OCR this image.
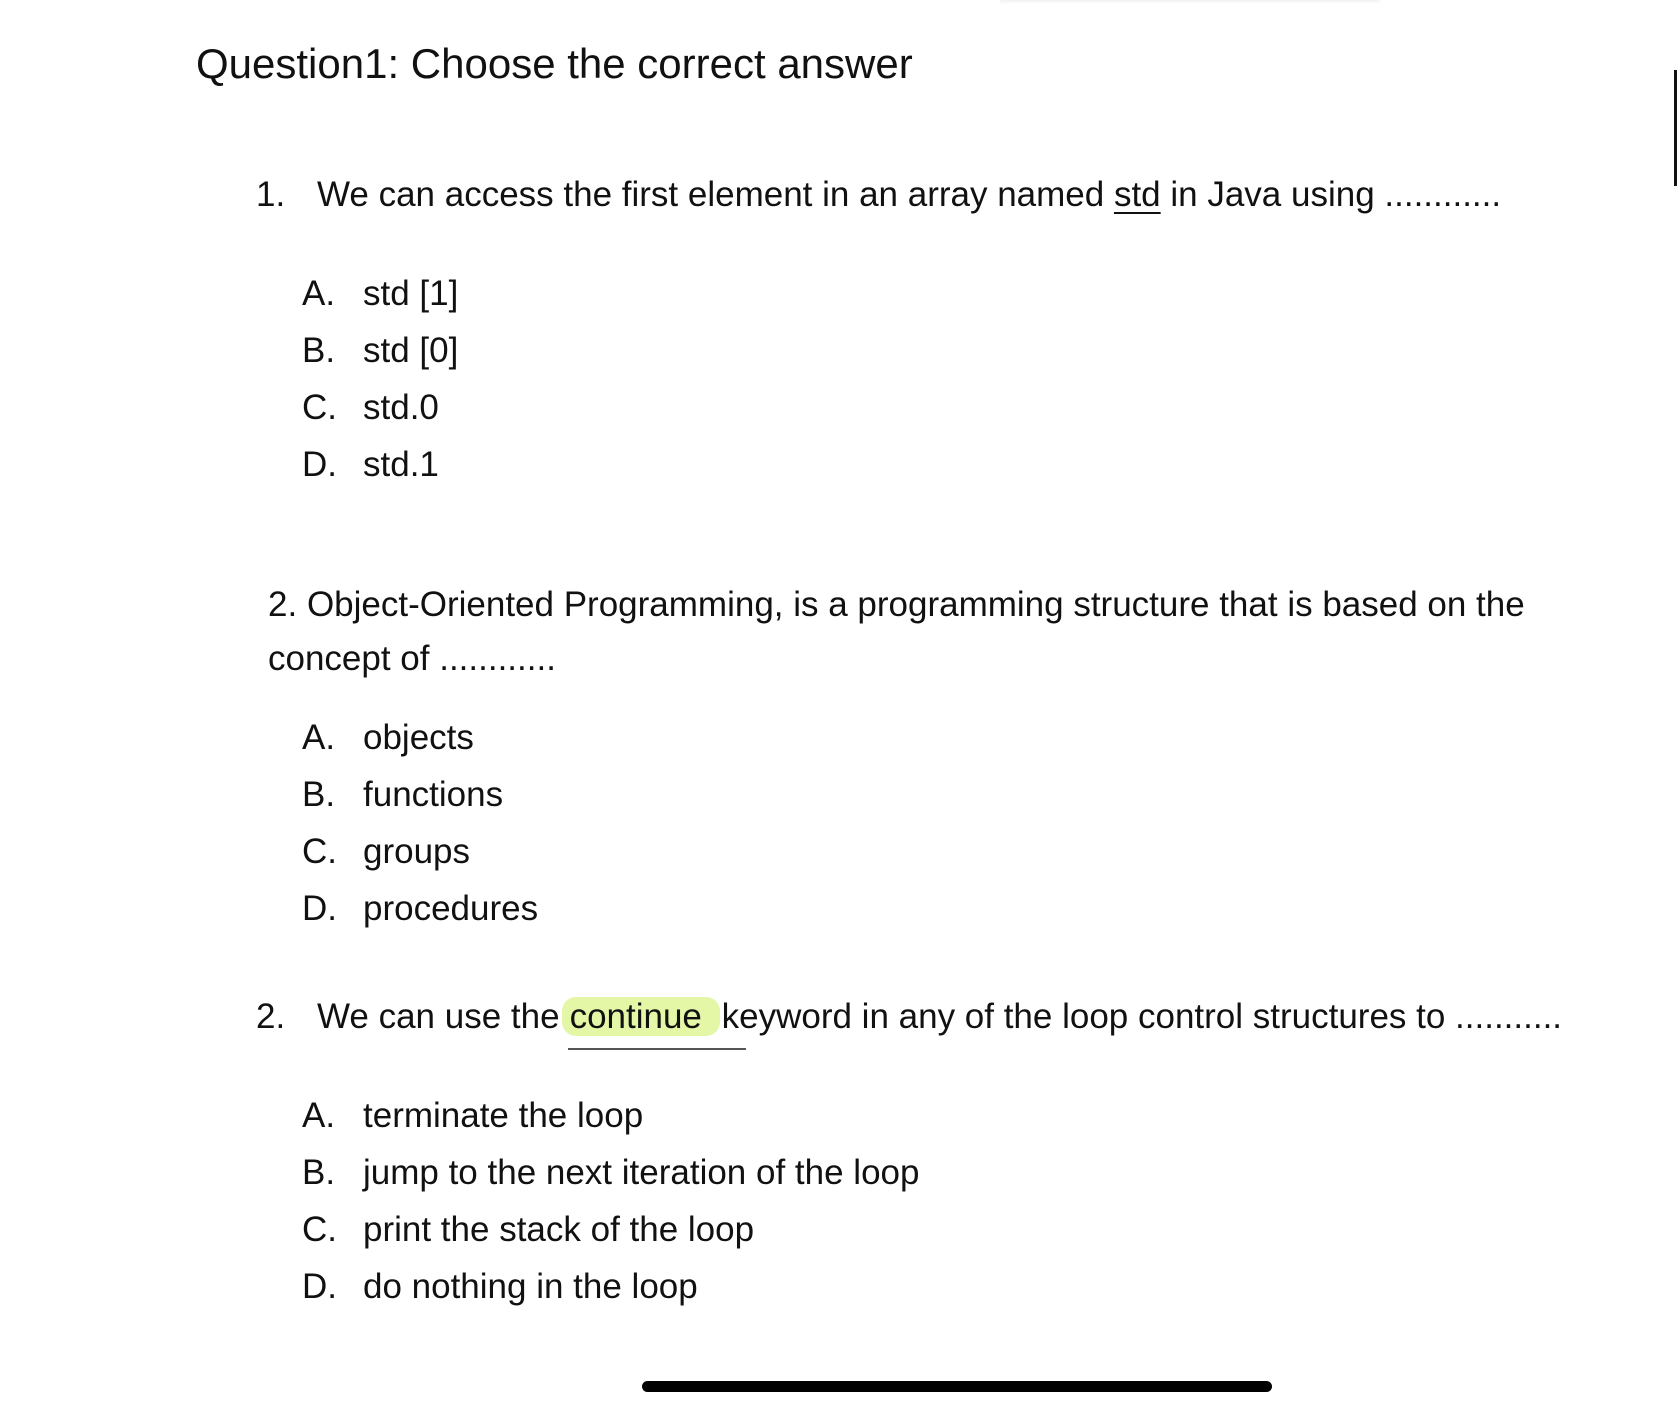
Question1: Choose the correct answer
1. We can access the first element in an array named std in Java using ............
A. std [1]
B. std [0]
C. std.0
D. std.1
2. Object-Oriented Programming, is a programming structure that is based on the
concept of ............
A. objects
B. functions
C. groups
D. procedures
2. We can use the continue keyword in any of the loop control structures to ...........
A. terminate the loop
B. jump to the next iteration of the loop
C. print the stack of the loop
D. do nothing in the loop
